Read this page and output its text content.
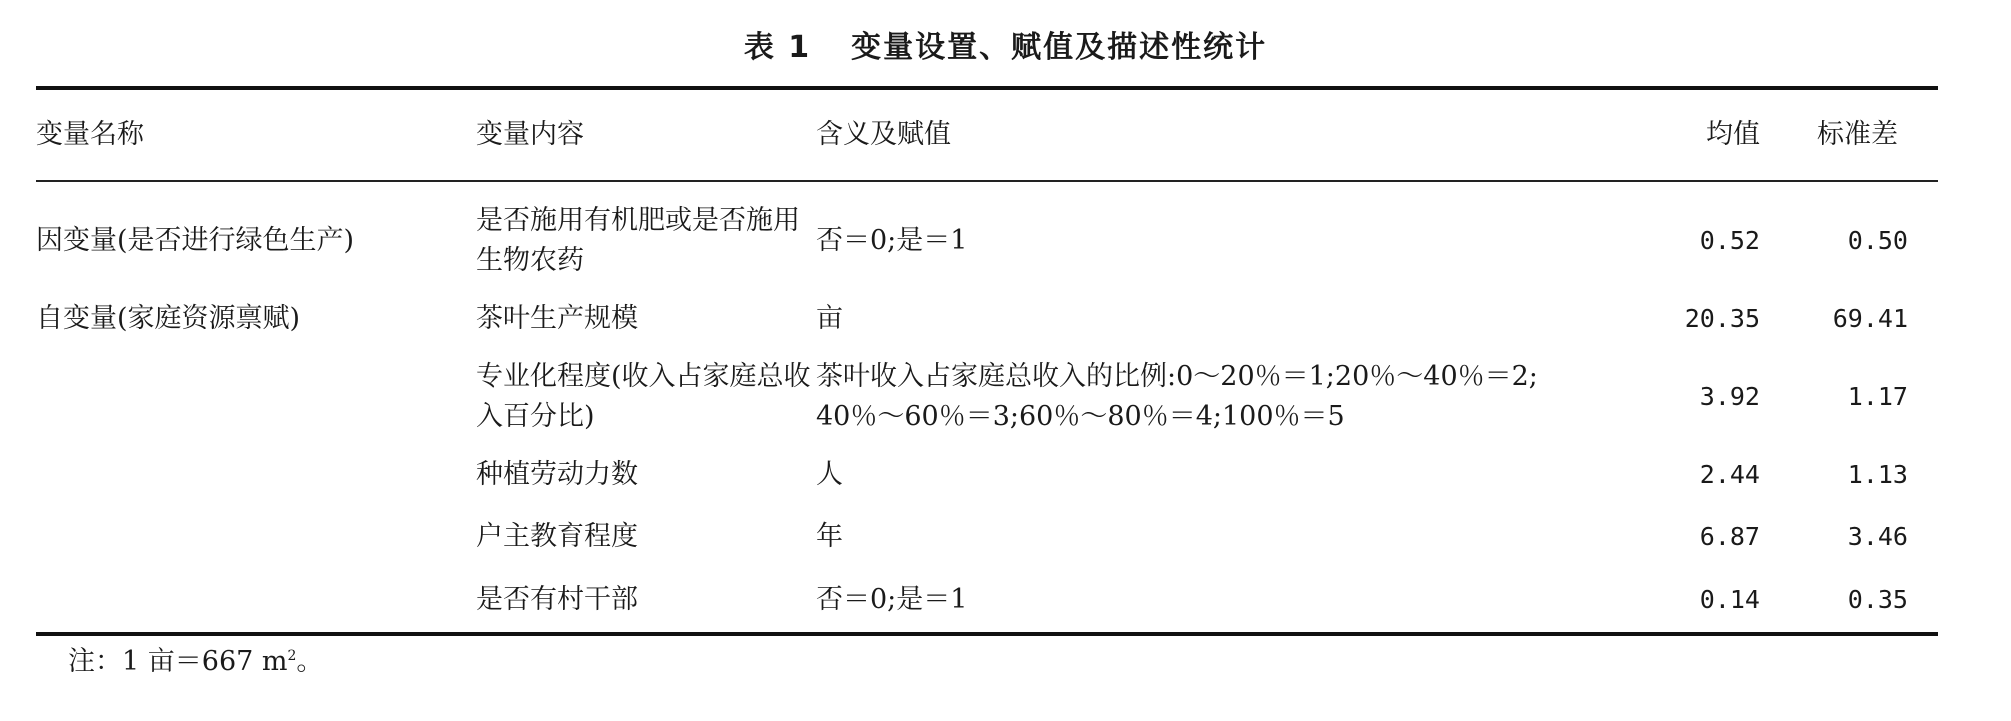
表 1 变量设置、赋值及描述性统计
变量名称	变量内容	含义及赋值	均值	标准差

因变量(是否进行绿色生产)	是否施用有机肥或是否施用生物农药	否＝0;是＝1	0.52	0.50
自变量(家庭资源禀赋)	茶叶生产规模	亩	20.35	69.41
	专业化程度(收入占家庭总收入百分比)	茶叶收入占家庭总收入的比例:0～20％＝1;20％～40％＝2; 40％～60％＝3;60％～80％＝4;100％＝5	3.92	1.17
	种植劳动力数	人	2.44	1.13
	户主教育程度	年	6.87	3.46
	是否有村干部	否＝0;是＝1	0.14	0.35
注：1 亩＝667 $m^2$。
